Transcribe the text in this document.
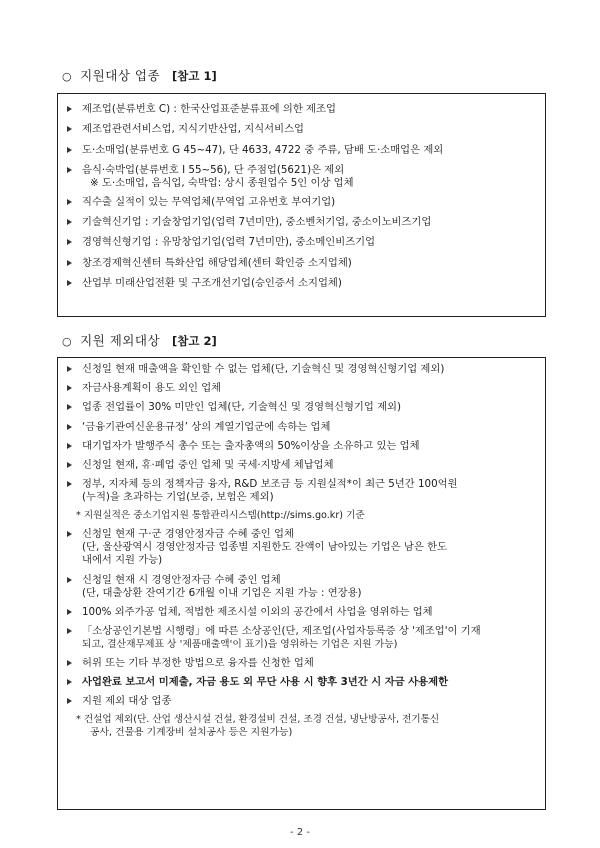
○ 지원대상 업종 [참고 1]
제조업(분류번호 C) : 한국산업표준분류표에 의한 제조업
제조업관련서비스업, 지식기반산업, 지식서비스업
도·소매업(분류번호 G 45~47), 단 4633, 4722 중 주류, 담배 도·소매업은 제외
음식·숙박업(분류번호 I 55~56), 단 주점업(5621)은 제외
※ 도·소매업, 음식업, 숙박업: 상시 종원업수 5인 이상 업체
직수출 실적이 있는 무역업체(무역업 고유번호 부여기업)
기술혁신기업 : 기술창업기업(업력 7년미만), 중소벤처기업, 중소이노비즈기업
경영혁신형기업 : 유망창업기업(업력 7년미만), 중소메인비즈기업
창조경제혁신센터 특화산업 해당업체(센터 확인증 소지업체)
산업부 미래산업전환 및 구조개선기업(승인증서 소지업체)
○ 지원 제외대상 [참고 2]
신청일 현재 매출액을 확인할 수 없는 업체(단, 기술혁신 및 경영혁신형기업 제외)
자금사용계획이 용도 외인 업체
업종 전업률이 30% 미만인 업체(단, 기술혁신 및 경영혁신형기업 제외)
‘금융기관여신운용규정’ 상의 계열기업군에 속하는 업체
대기업자가 발행주식 총수 또는 출자총액의 50%이상을 소유하고 있는 업체
신청일 현재, 휴·폐업 중인 업체 및 국세·지방세 체납업체
정부, 지자체 등의 정책자금 융자, R&D 보조금 등 지원실적*이 최근 5년간 100억원
(누적)을 초과하는 기업(보증, 보험은 제외)
* 지원실적은 중소기업지원 통합관리시스템(http://sims.go.kr) 기준
신청일 현재 구·군 경영안정자금 수혜 중인 업체
(단, 울산광역시 경영안정자금 업종별 지원한도 잔액이 남아있는 기업은 남은 한도
내에서 지원 가능)
신청일 현재 시 경영안정자금 수혜 중인 업체
(단, 대출상환 잔여기간 6개월 이내 기업은 지원 가능 : 연장용)
100% 외주가공 업체, 적법한 제조시설 이외의 공간에서 사업을 영위하는 업체
「소상공인기본법 시행령」에 따른 소상공인(단, 제조업(사업자등록증 상 '제조업'이 기재
되고, 결산재무제표 상 '제품매출액'이 표기)을 영위하는 기업은 지원 가능)
허위 또는 기타 부정한 방법으로 융자를 신청한 업체
사업완료 보고서 미제출, 자금 용도 외 무단 사용 시 향후 3년간 시 자금 사용제한
지원 제외 대상 업종
* 건설업 제외(단. 산업 생산시설 건설, 환경설비 건설, 조경 건설, 냉난방공사, 전기통신
공사, 건물용 기계장비 설치공사 등은 지원가능)
- 2 -
